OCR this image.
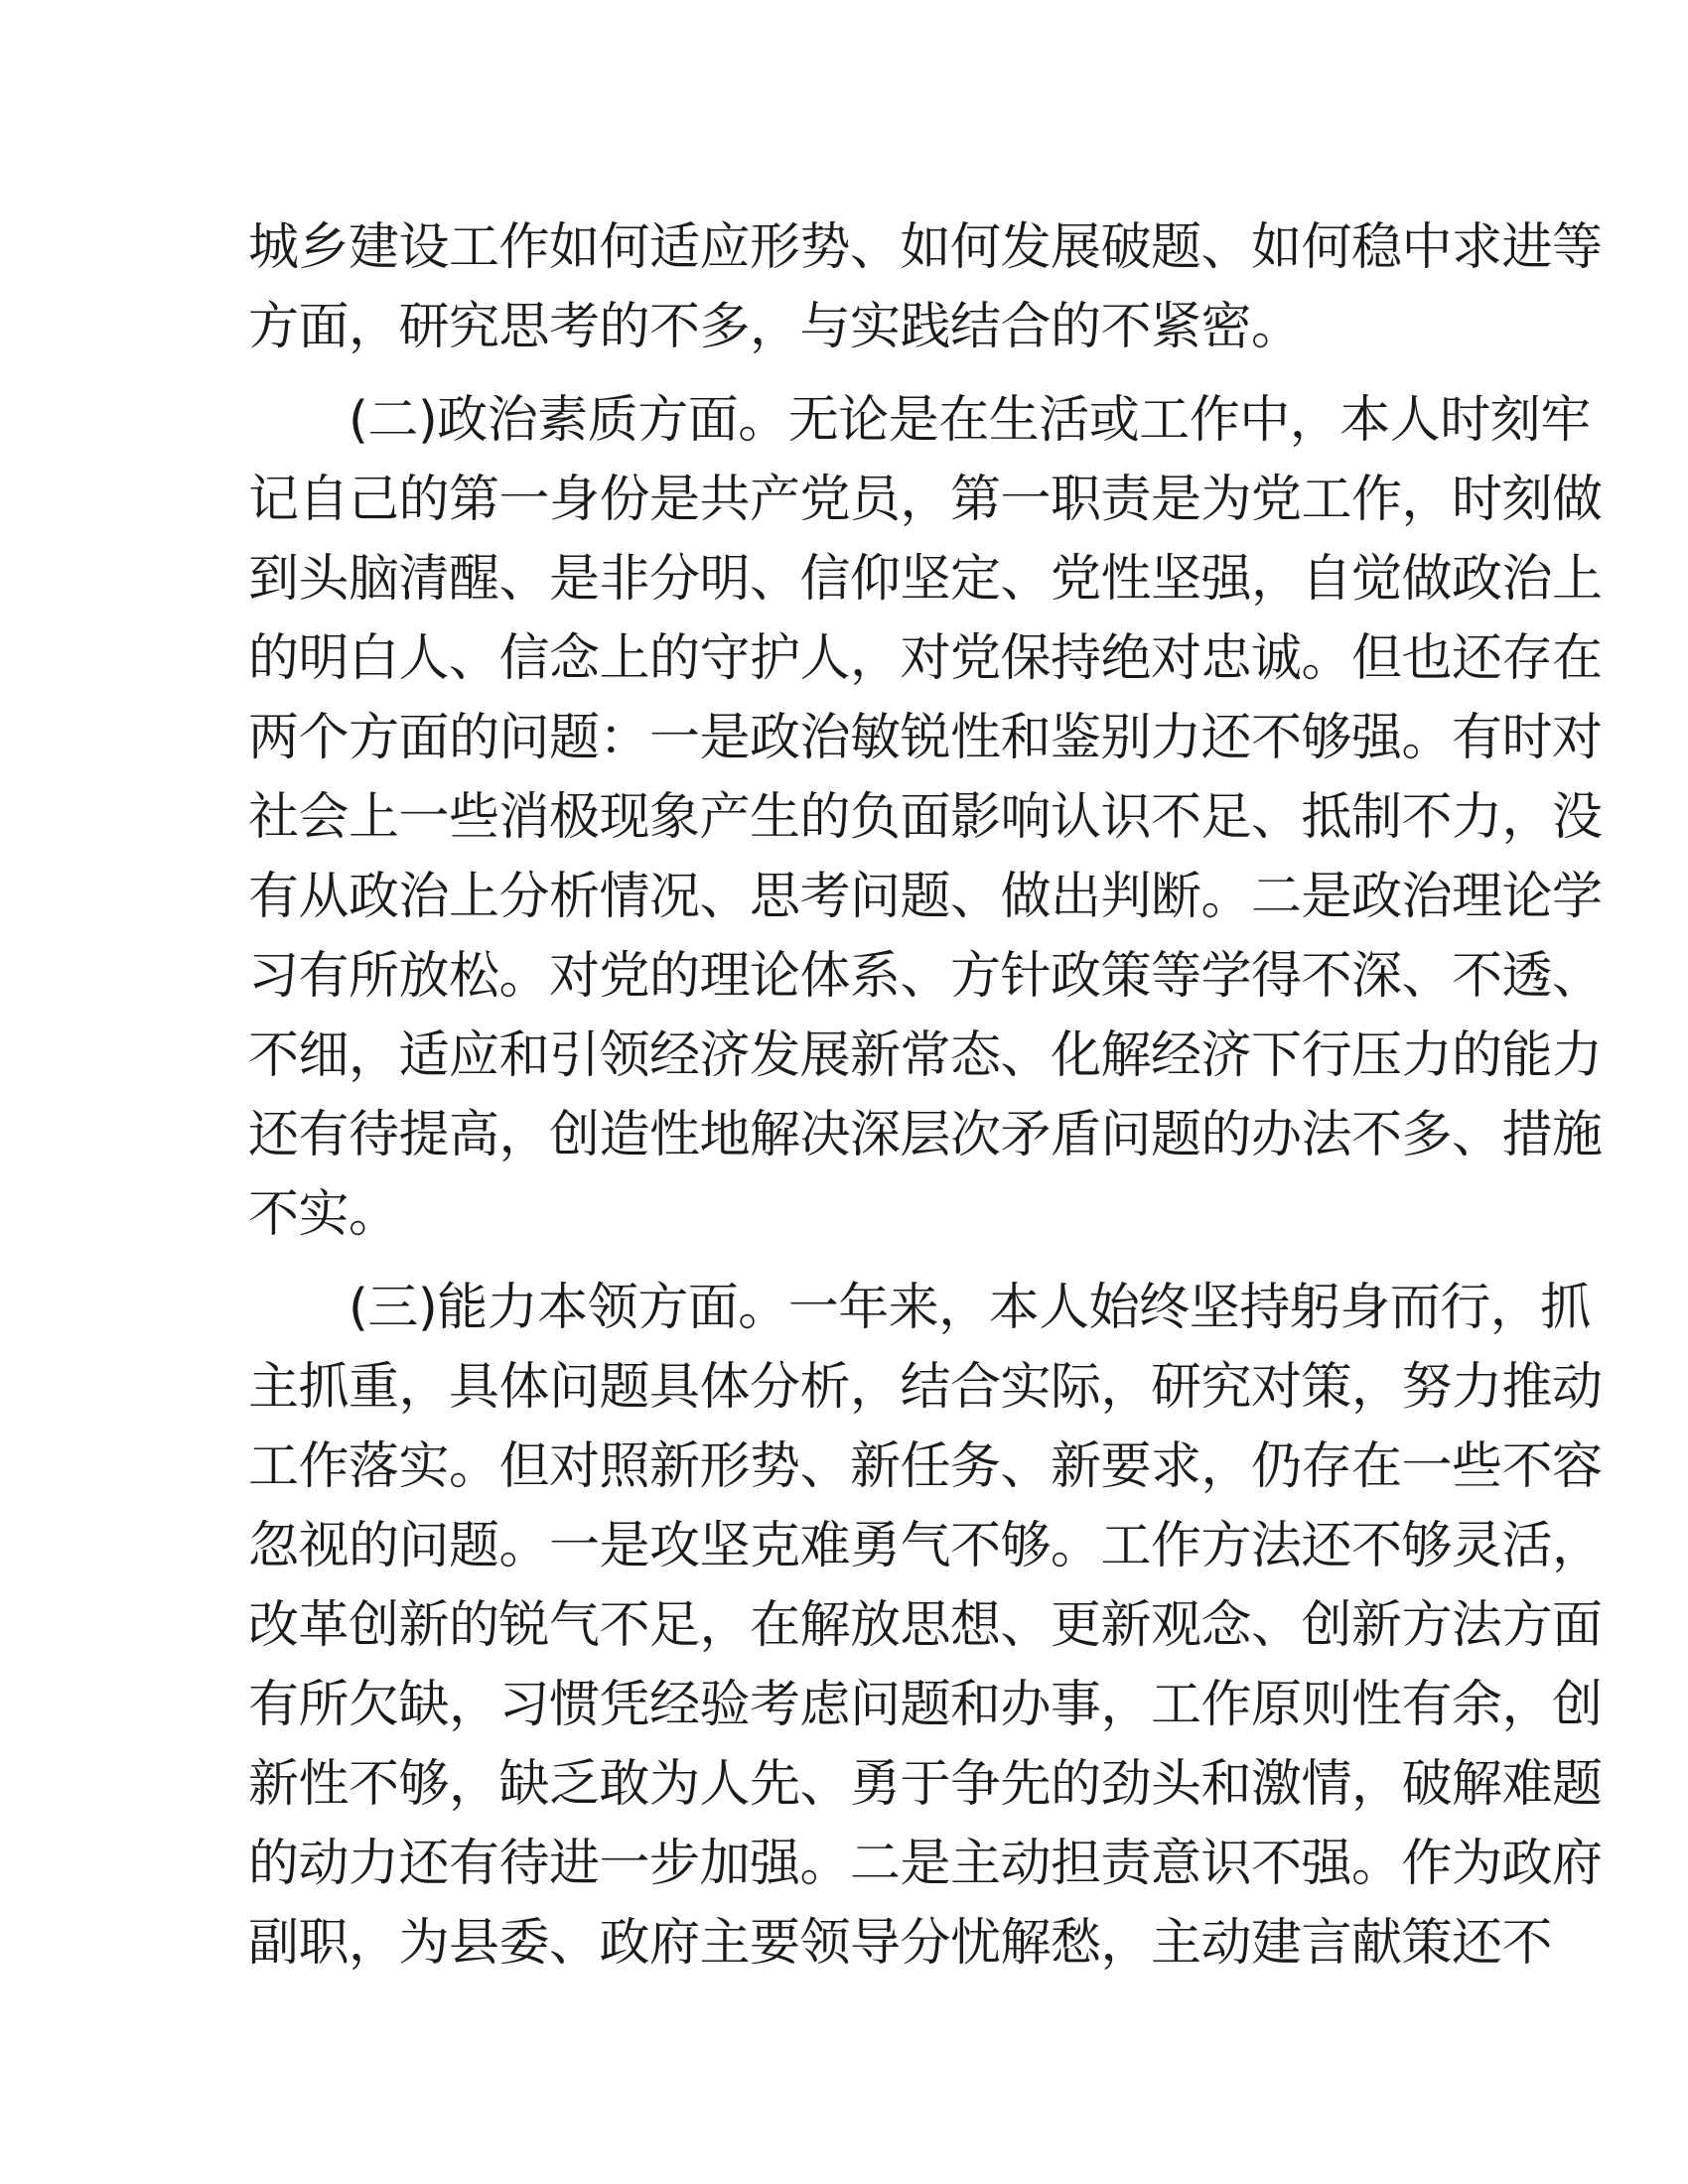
城乡建设工作如何适应形势、如何发展破题、如何稳中求进等
方面，研究思考的不多，与实践结合的不紧密。
　　(二)政治素质方面。无论是在生活或工作中，本人时刻牢
记自己的第一身份是共产党员，第一职责是为党工作，时刻做
到头脑清醒、是非分明、信仰坚定、党性坚强，自觉做政治上
的明白人、信念上的守护人，对党保持绝对忠诚。但也还存在
两个方面的问题：一是政治敏锐性和鉴别力还不够强。有时对
社会上一些消极现象产生的负面影响认识不足、抵制不力，没
有从政治上分析情况、思考问题、做出判断。二是政治理论学
习有所放松。对党的理论体系、方针政策等学得不深、不透、
不细，适应和引领经济发展新常态、化解经济下行压力的能力
还有待提高，创造性地解决深层次矛盾问题的办法不多、措施
不实。
　　(三)能力本领方面。一年来，本人始终坚持躬身而行，抓
主抓重，具体问题具体分析，结合实际，研究对策，努力推动
工作落实。但对照新形势、新任务、新要求，仍存在一些不容
忽视的问题。一是攻坚克难勇气不够。工作方法还不够灵活，
改革创新的锐气不足，在解放思想、更新观念、创新方法方面
有所欠缺，习惯凭经验考虑问题和办事，工作原则性有余，创
新性不够，缺乏敢为人先、勇于争先的劲头和激情，破解难题
的动力还有待进一步加强。二是主动担责意识不强。作为政府
副职，为县委、政府主要领导分忧解愁，主动建言献策还不
